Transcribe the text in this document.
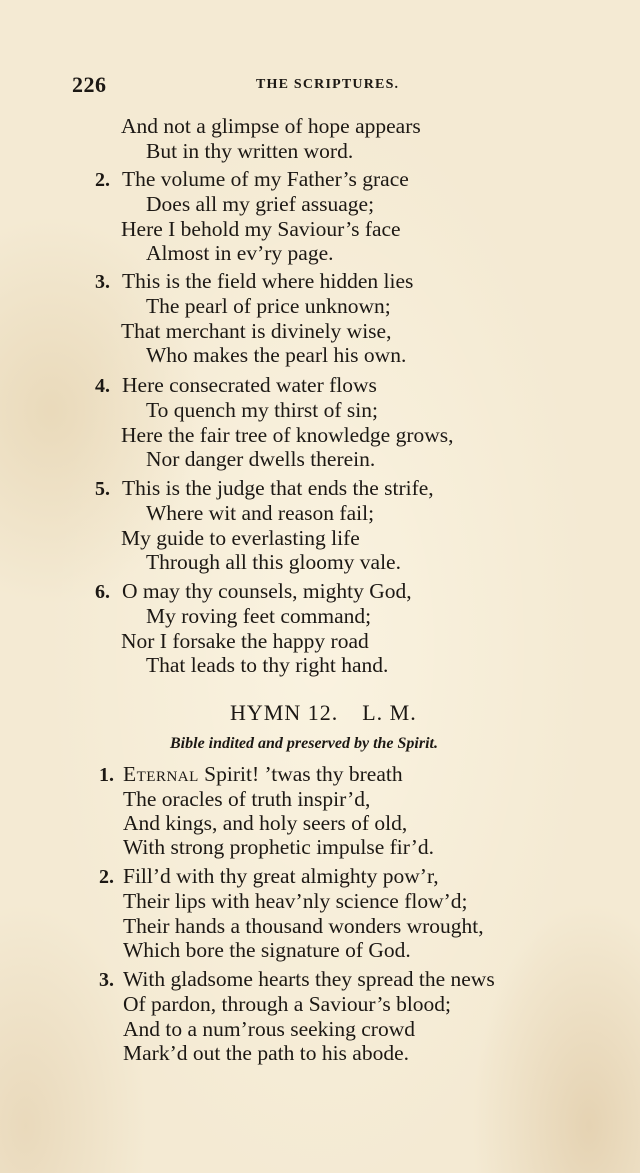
226	THE SCRIPTURES.
And not a glimpse of hope appears
But in thy written word.
2. The volume of my Father’s grace
Does all my grief assuage;
Here I behold my Saviour’s face
Almost in ev’ry page.
3. This is the field where hidden lies
The pearl of price unknown;
That merchant is divinely wise,
Who makes the pearl his own.
4. Here consecrated water flows
To quench my thirst of sin;
Here the fair tree of knowledge grows,
Nor danger dwells therein.
5. This is the judge that ends the strife,
Where wit and reason fail;
My guide to everlasting life
Through all this gloomy vale.
6. O may thy counsels, mighty God,
My roving feet command;
Nor I forsake the happy road
That leads to thy right hand.
HYMN 12. L. M.
Bible indited and preserved by the Spirit.
1. Eternal Spirit! ’twas thy breath
The oracles of truth inspir’d,
And kings, and holy seers of old,
With strong prophetic impulse fir’d.
2. Fill’d with thy great almighty pow’r,
Their lips with heav’nly science flow’d;
Their hands a thousand wonders wrought,
Which bore the signature of God.
3. With gladsome hearts they spread the news
Of pardon, through a Saviour’s blood;
And to a num’rous seeking crowd
Mark’d out the path to his abode.
